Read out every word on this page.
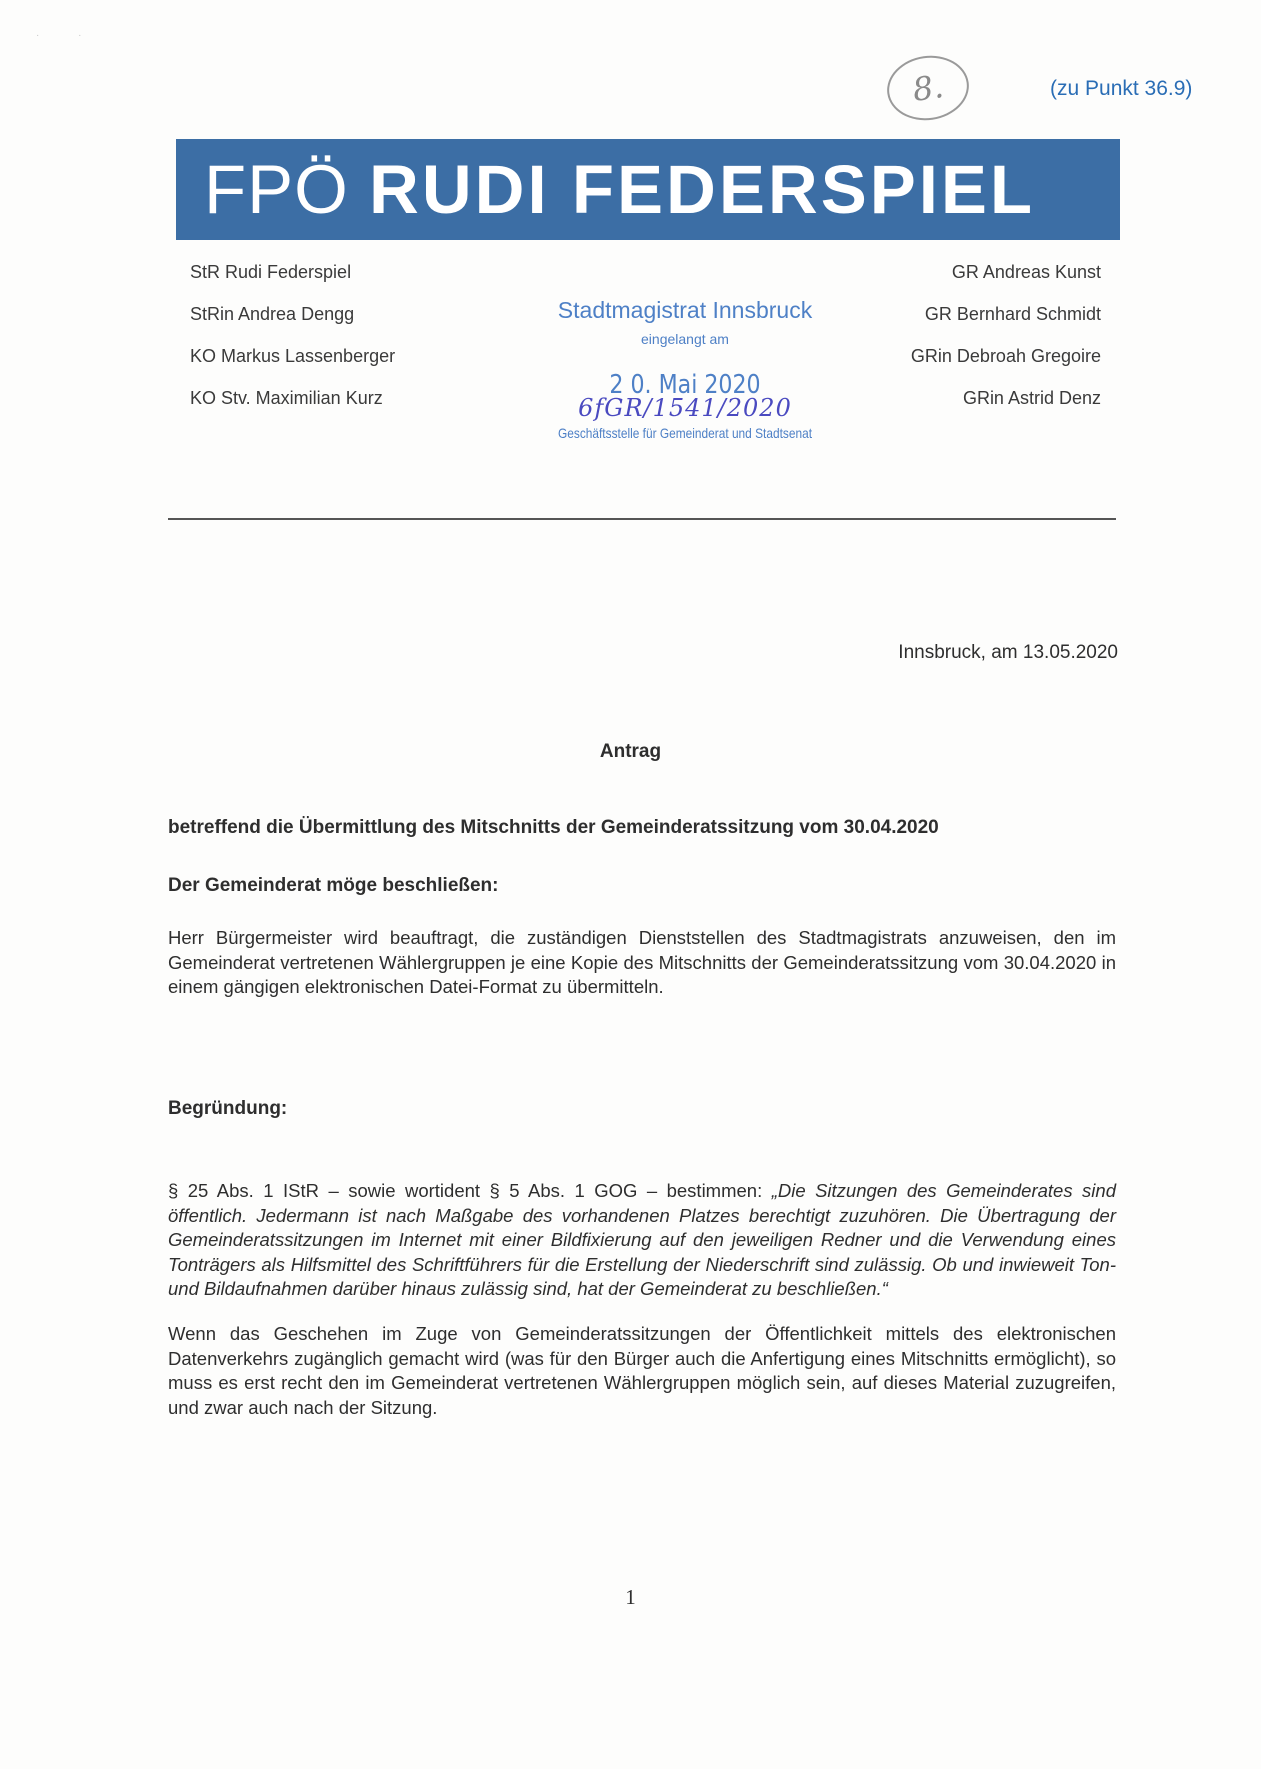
· ·
8.	(zu Punkt 36.9)
FPÖ RUDI FEDERSPIEL
StR Rudi Federspiel
StRin Andrea Dengg
KO Markus Lassenberger
KO Stv. Maximilian Kurz
GR Andreas Kunst
GR Bernhard Schmidt
GRin Debroah Gregoire
GRin Astrid Denz
Stadtmagistrat Innsbruck
eingelangt am
2 0. Mai 2020
6fGR/1541/2020
Geschäftsstelle für Gemeinderat und Stadtsenat
Innsbruck, am 13.05.2020
Antrag
betreffend die Übermittlung des Mitschnitts der Gemeinderatssitzung vom 30.04.2020
Der Gemeinderat möge beschließen:
Herr Bürgermeister wird beauftragt, die zuständigen Dienststellen des Stadtmagistrats anzuweisen, den im Gemeinderat vertretenen Wählergruppen je eine Kopie des Mitschnitts der Gemeinderatssitzung vom 30.04.2020 in einem gängigen elektronischen Datei-Format zu übermitteln.
Begründung:
§ 25 Abs. 1 IStR – sowie wortident § 5 Abs. 1 GOG – bestimmen: „Die Sitzungen des Gemeinderates sind öffentlich. Jedermann ist nach Maßgabe des vorhandenen Platzes berechtigt zuzuhören. Die Übertragung der Gemeinderatssitzungen im Internet mit einer Bildfixierung auf den jeweiligen Redner und die Verwendung eines Tonträgers als Hilfsmittel des Schriftführers für die Erstellung der Niederschrift sind zulässig. Ob und inwieweit Ton- und Bildaufnahmen darüber hinaus zulässig sind, hat der Gemeinderat zu beschließen.“
Wenn das Geschehen im Zuge von Gemeinderatssitzungen der Öffentlichkeit mittels des elektronischen Datenverkehrs zugänglich gemacht wird (was für den Bürger auch die Anfertigung eines Mitschnitts ermöglicht), so muss es erst recht den im Gemeinderat vertretenen Wählergruppen möglich sein, auf dieses Material zuzugreifen, und zwar auch nach der Sitzung.
1
